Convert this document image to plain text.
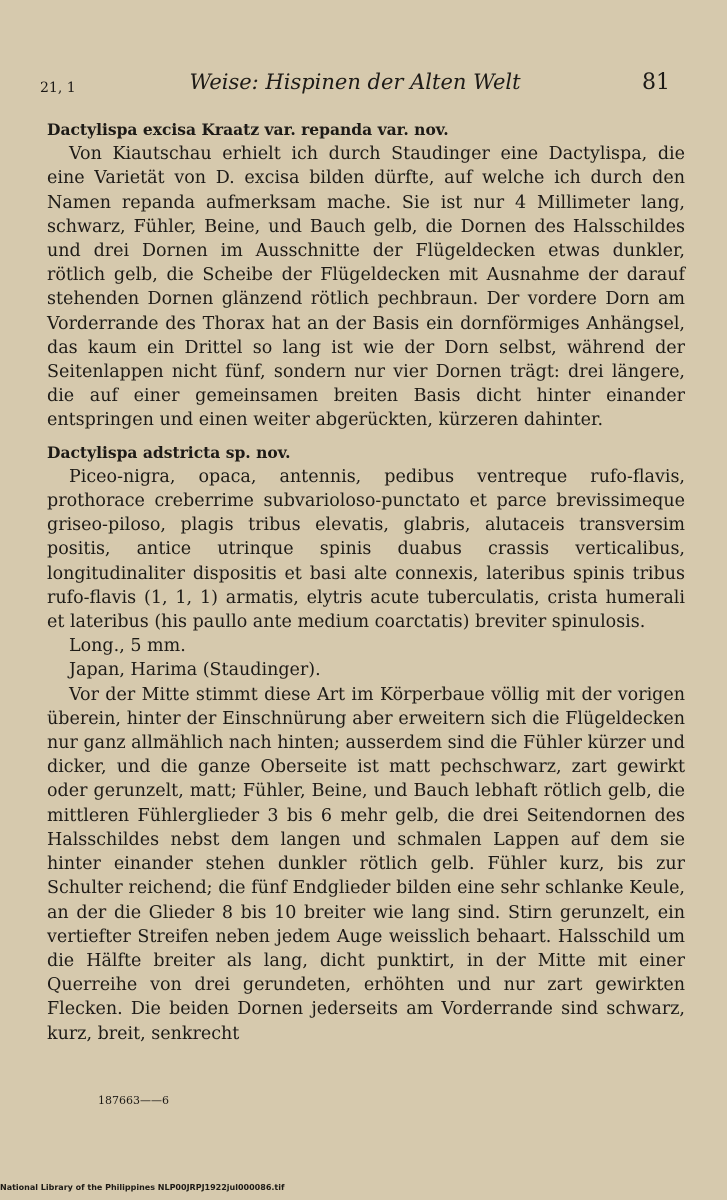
21, 1	Weise: Hispinen der Alten Welt	81

Dactylispa excisa Kraatz var. repanda var. nov.

Von Kiautschau erhielt ich durch Staudinger eine Dactylispa, die eine Varietät von D. excisa bilden dürfte, auf welche ich durch den Namen repanda aufmerksam mache. Sie ist nur 4 Millimeter lang, schwarz, Fühler, Beine, und Bauch gelb, die Dornen des Halsschildes und drei Dornen im Ausschnitte der Flügeldecken etwas dunkler, rötlich gelb, die Scheibe der Flügeldecken mit Ausnahme der darauf stehenden Dornen glänzend rötlich pechbraun. Der vordere Dorn am Vorderrande des Thorax hat an der Basis ein dornförmiges Anhängsel, das kaum ein Drittel so lang ist wie der Dorn selbst, während der Seitenlappen nicht fünf, sondern nur vier Dornen trägt: drei längere, die auf einer gemeinsamen breiten Basis dicht hinter einander entspringen und einen weiter abgerückten, kürzeren dahinter.

Dactylispa adstricta sp. nov.

Piceo-nigra, opaca, antennis, pedibus ventreque rufo-flavis, prothorace creberrime subvarioloso-punctato et parce brevissimeque griseo-piloso, plagis tribus elevatis, glabris, alutaceis transversim positis, antice utrinque spinis duabus crassis verticalibus, longitudinaliter dispositis et basi alte connexis, lateribus spinis tribus rufo-flavis (1, 1, 1) armatis, elytris acute tuberculatis, crista humerali et lateribus (his paullo ante medium coarctatis) breviter spinulosis.

Long., 5 mm.

Japan, Harima (Staudinger).

Vor der Mitte stimmt diese Art im Körperbaue völlig mit der vorigen überein, hinter der Einschnürung aber erweitern sich die Flügeldecken nur ganz allmählich nach hinten; ausserdem sind die Fühler kürzer und dicker, und die ganze Oberseite ist matt pechschwarz, zart gewirkt oder gerunzelt, matt; Fühler, Beine, und Bauch lebhaft rötlich gelb, die mittleren Fühlerglieder 3 bis 6 mehr gelb, die drei Seitendornen des Halsschildes nebst dem langen und schmalen Lappen auf dem sie hinter einander stehen dunkler rötlich gelb. Fühler kurz, bis zur Schulter reichend; die fünf Endglieder bilden eine sehr schlanke Keule, an der die Glieder 8 bis 10 breiter wie lang sind. Stirn gerunzelt, ein vertiefter Streifen neben jedem Auge weisslich behaart. Halsschild um die Hälfte breiter als lang, dicht punktirt, in der Mitte mit einer Querreihe von drei gerundeten, erhöhten und nur zart gewirkten Flecken. Die beiden Dornen jederseits am Vorderrande sind schwarz, kurz, breit, senkrecht

187663——6
National Library of the Philippines NLP00JRPJ1922jul000086.tif
